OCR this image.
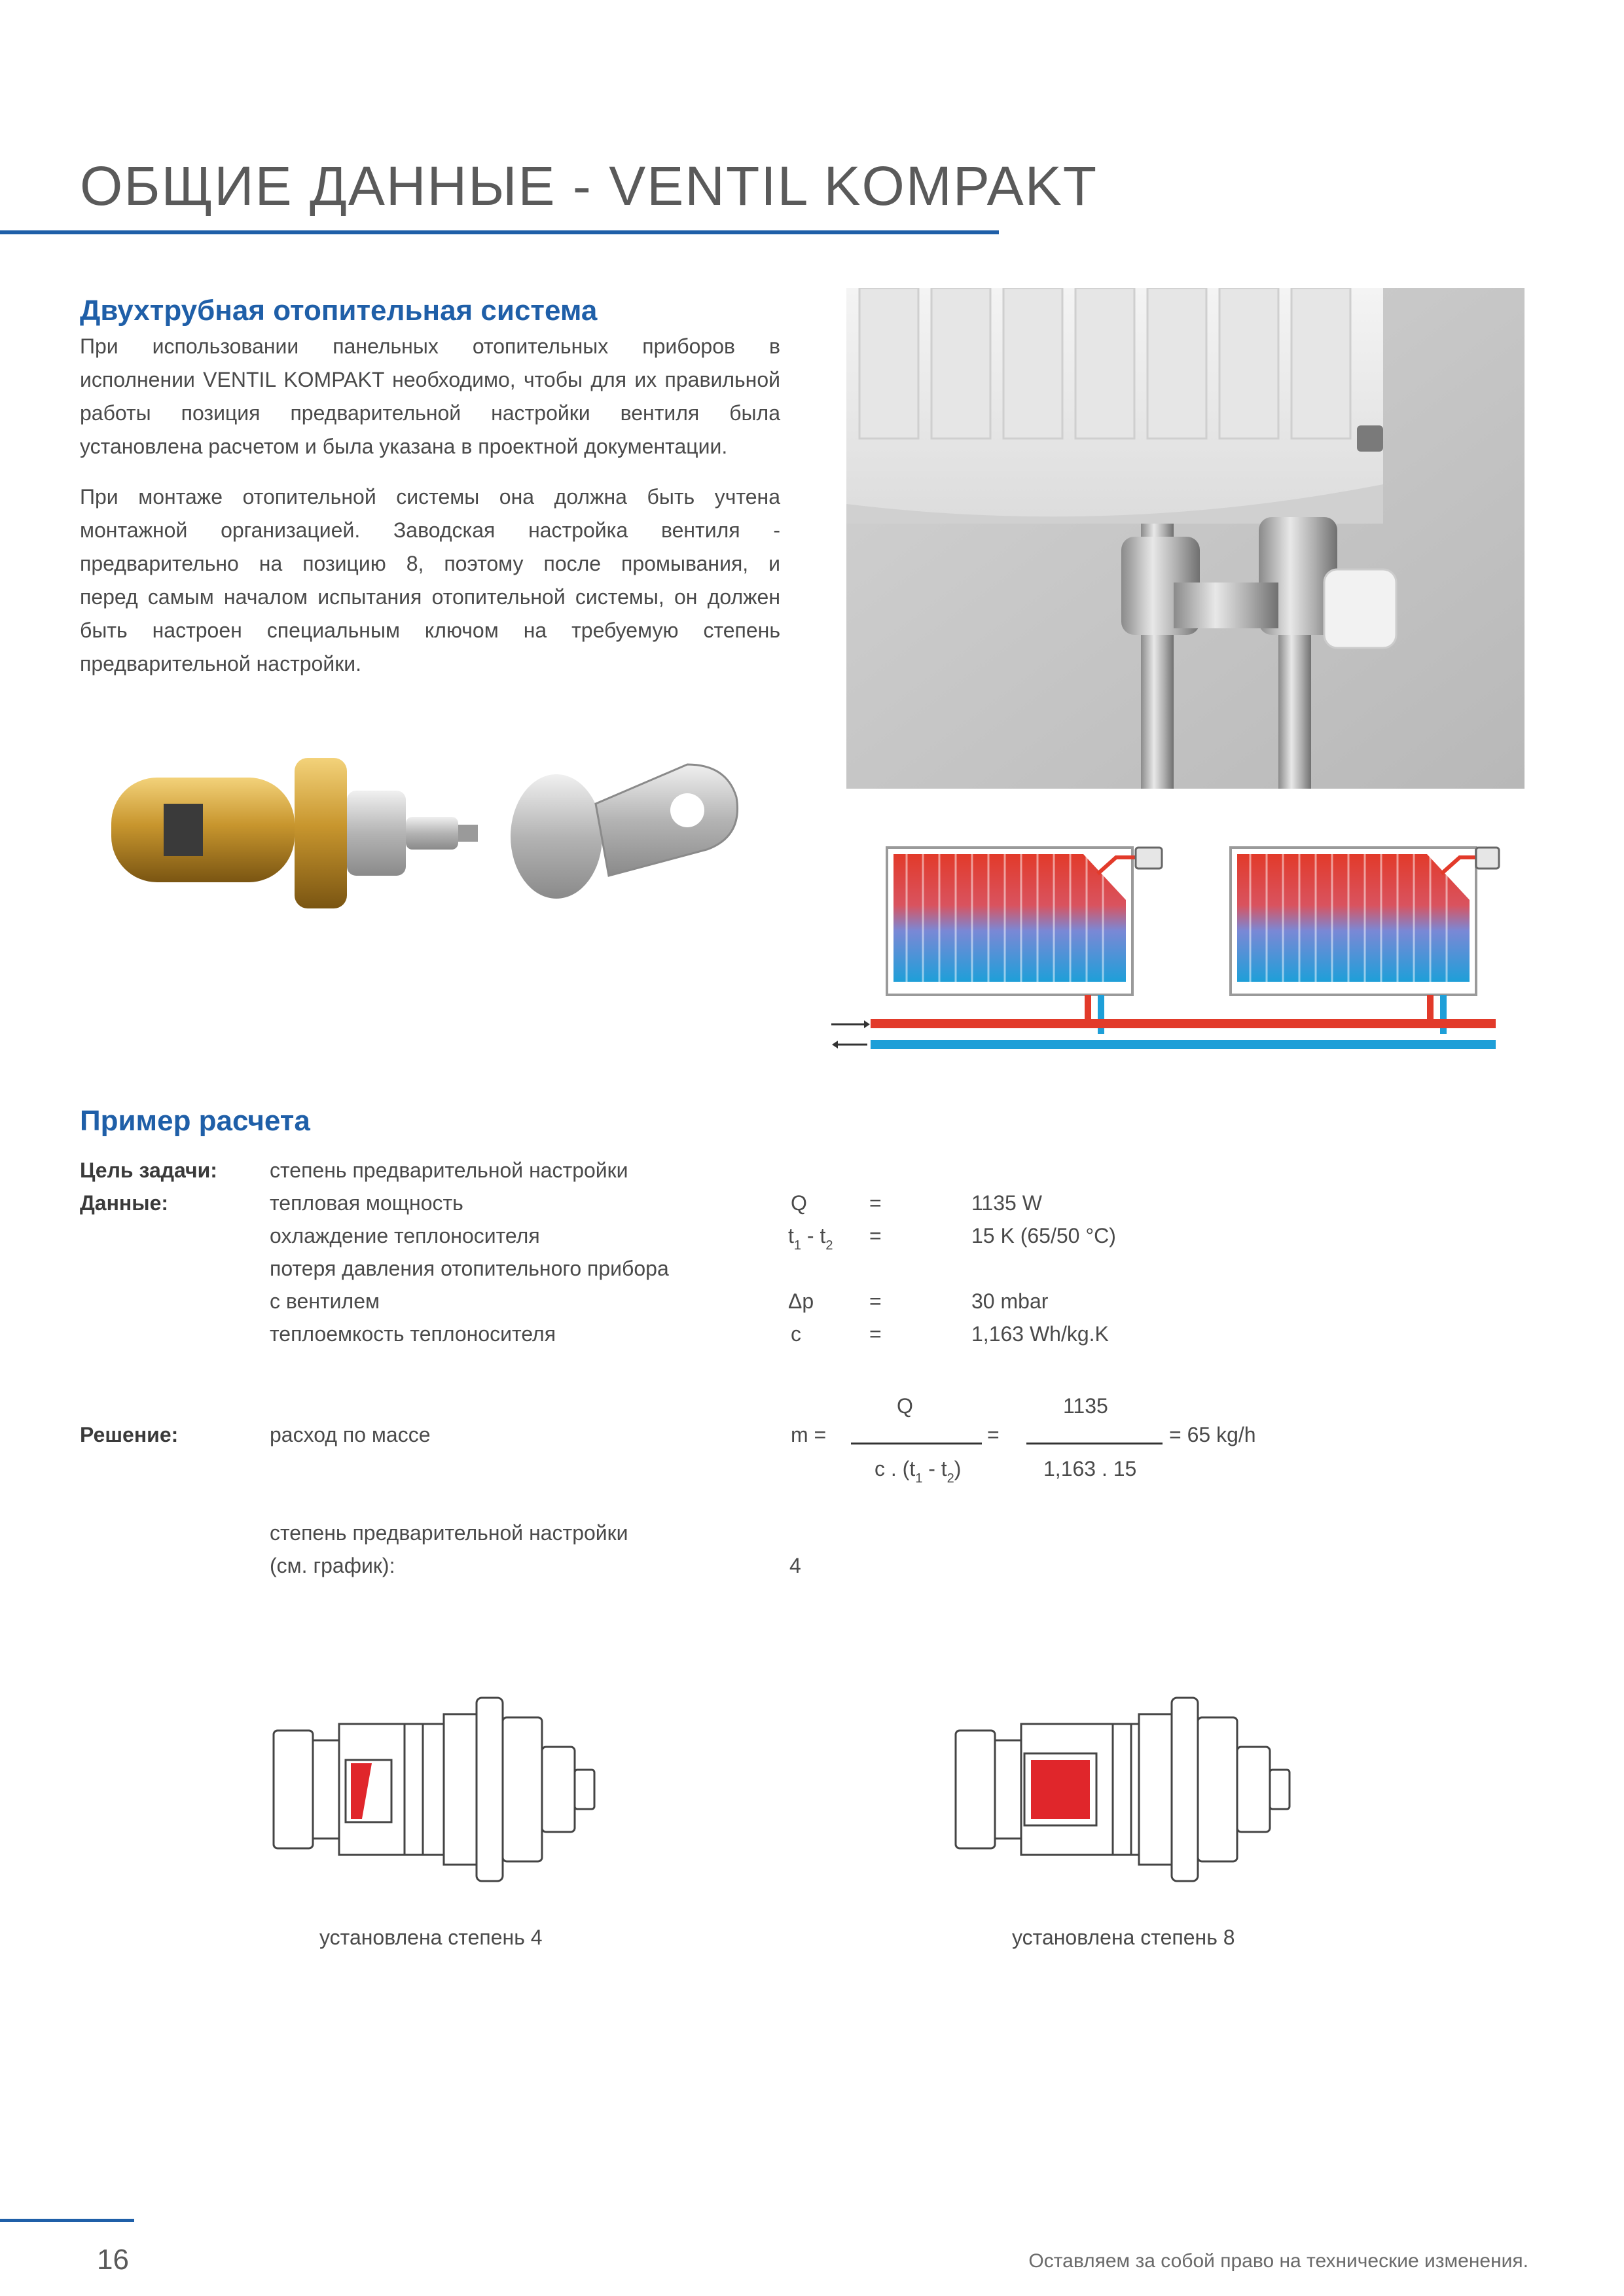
ОБЩИЕ ДАННЫЕ - VENTIL KOMPAKT
Двухтрубная отопительная система
При использовании панельных отопительных приборов в
исполнении VENTIL KOMPAKT необходимо, чтобы для их правильной
работы позиция предварительной настройки вентиля была
установлена расчетом и была указана в проектной документации.
При монтаже отопительной системы она должна быть учтена
монтажной организацией. Заводская настройка вентиля -
предварительно на позицию 8, поэтому после промывания, и
перед самым началом испытания отопительной системы, он должен
быть настроен специальным ключом на требуемую степень
предварительной настройки.
Пример расчета
Цель задачи:	степень предварительной настройки
Данные:	тепловая мощность	Q	=	1135 W
охлаждение теплоносителя	$t_1 - t_2$ =	15 K (65/50 °C)
потеря давления отопительного прибора
с вентилем	Δp	=	30 mbar
теплоемкость теплоносителя	c	=	1,163 Wh/kg.K
Решение:	расход по массе	m =
Q
c . $(t_1 - t_2)$
=
1135
1,163 . 15
= 65 kg/h
степень предварительной настройки
(см. график):	4
установлена степень 4	установлена степень 8
16	Оставляем за собой право на технические изменения.
